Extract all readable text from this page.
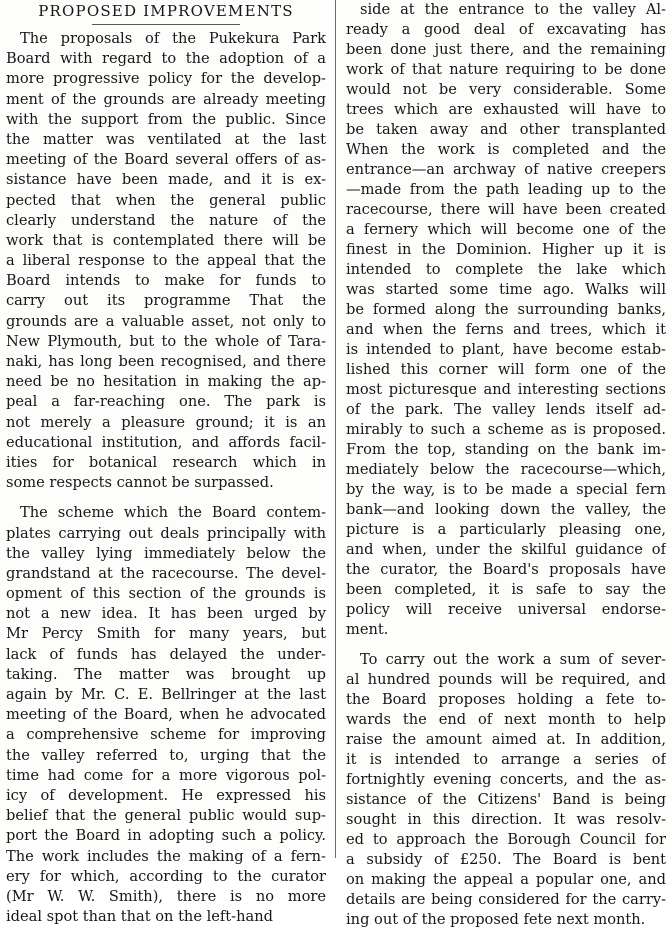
PROPOSED IMPROVEMENTS
The proposals of the Pukekura Park
Board with regard to the adoption of a
more progressive policy for the develop-
ment of the grounds are already meeting
with the support from the public. Since
the matter was ventilated at the last
meeting of the Board several offers of as-
sistance have been made, and it is ex-
pected that when the general public
clearly understand the nature of the
work that is contemplated there will be
a liberal response to the appeal that the
Board intends to make for funds to
carry out its programme That the
grounds are a valuable asset, not only to
New Plymouth, but to the whole of Tara-
naki, has long been recognised, and there
need be no hesitation in making the ap-
peal a far-reaching one. The park is
not merely a pleasure ground; it is an
educational institution, and affords facil-
ities for botanical research which in
some respects cannot be surpassed.
The scheme which the Board contem-
plates carrying out deals principally with
the valley lying immediately below the
grandstand at the racecourse. The devel-
opment of this section of the grounds is
not a new idea. It has been urged by
Mr Percy Smith for many years, but
lack of funds has delayed the under-
taking. The matter was brought up
again by Mr. C. E. Bellringer at the last
meeting of the Board, when he advocated
a comprehensive scheme for improving
the valley referred to, urging that the
time had come for a more vigorous pol-
icy of development. He expressed his
belief that the general public would sup-
port the Board in adopting such a policy.
The work includes the making of a fern-
ery for which, according to the curator
(Mr W. W. Smith), there is no more
ideal spot than that on the left-hand
side at the entrance to the valley Al-
ready a good deal of excavating has
been done just there, and the remaining
work of that nature requiring to be done
would not be very considerable. Some
trees which are exhausted will have to
be taken away and other transplanted
When the work is completed and the
entrance—an archway of native creepers
—made from the path leading up to the
racecourse, there will have been created
a fernery which will become one of the
finest in the Dominion. Higher up it is
intended to complete the lake which
was started some time ago. Walks will
be formed along the surrounding banks,
and when the ferns and trees, which it
is intended to plant, have become estab-
lished this corner will form one of the
most picturesque and interesting sections
of the park. The valley lends itself ad-
mirably to such a scheme as is proposed.
From the top, standing on the bank im-
mediately below the racecourse—which,
by the way, is to be made a special fern
bank—and looking down the valley, the
picture is a particularly pleasing one,
and when, under the skilful guidance of
the curator, the Board's proposals have
been completed, it is safe to say the
policy will receive universal endorse-
ment.
To carry out the work a sum of sever-
al hundred pounds will be required, and
the Board proposes holding a fete to-
wards the end of next month to help
raise the amount aimed at. In addition,
it is intended to arrange a series of
fortnightly evening concerts, and the as-
sistance of the Citizens' Band is being
sought in this direction. It was resolv-
ed to approach the Borough Council for
a subsidy of £250. The Board is bent
on making the appeal a popular one, and
details are being considered for the carry-
ing out of the proposed fete next month.
